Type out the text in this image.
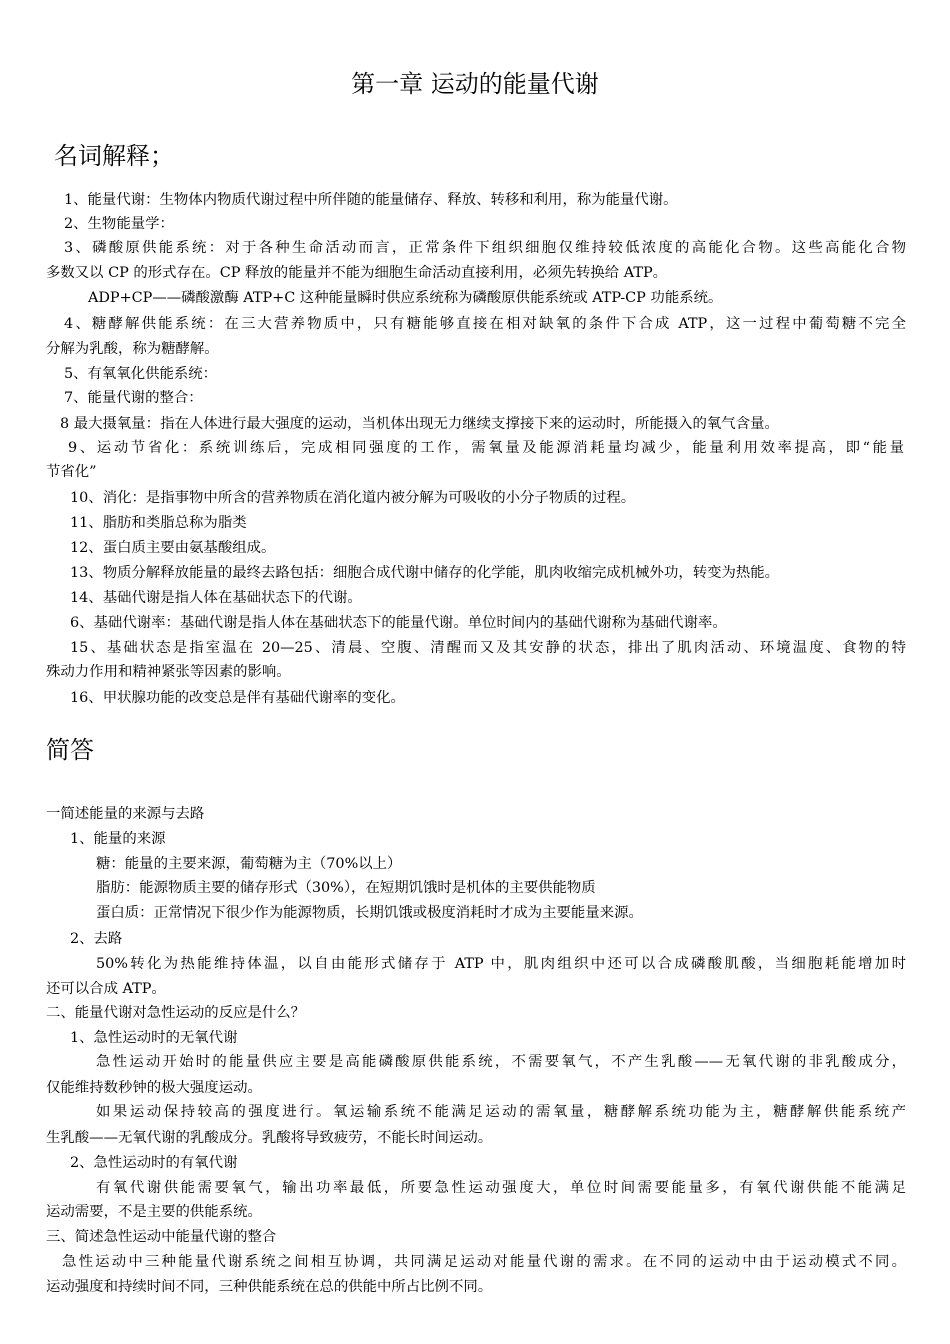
第一章 运动的能量代谢
名词解释；

1、能量代谢：生物体内物质代谢过程中所伴随的能量储存、释放、转移和利用，称为能量代谢。

2、生物能量学：

3、磷酸原供能系统：对于各种生命活动而言，正常条件下组织细胞仅维持较低浓度的高能化合物。这些高能化合物

多数又以 CP 的形式存在。CP 释放的能量并不能为细胞生命活动直接利用，必须先转换给 ATP。

ADP+CP——磷酸激酶 ATP+C 这种能量瞬时供应系统称为磷酸原供能系统或 ATP-CP 功能系统。

4、糖酵解供能系统：在三大营养物质中，只有糖能够直接在相对缺氧的条件下合成 ATP，这一过程中葡萄糖不完全

分解为乳酸，称为糖酵解。

5、有氧氧化供能系统：

7、能量代谢的整合：

8 最大摄氧量：指在人体进行最大强度的运动，当机体出现无力继续支撑接下来的运动时，所能摄入的氧气含量。

9、运动节省化：系统训练后，完成相同强度的工作，需氧量及能源消耗量均减少，能量利用效率提高，即“能量

节省化”

10、消化：是指事物中所含的营养物质在消化道内被分解为可吸收的小分子物质的过程。

11、脂肪和类脂总称为脂类

12、蛋白质主要由氨基酸组成。

13、物质分解释放能量的最终去路包括：细胞合成代谢中储存的化学能，肌肉收缩完成机械外功，转变为热能。

14、基础代谢是指人体在基础状态下的代谢。

6、基础代谢率：基础代谢是指人体在基础状态下的能量代谢。单位时间内的基础代谢称为基础代谢率。

15、基础状态是指室温在 20—25、清晨、空腹、清醒而又及其安静的状态，排出了肌肉活动、环境温度、食物的特

殊动力作用和精神紧张等因素的影响。

16、甲状腺功能的改变总是伴有基础代谢率的变化。

简答

一简述能量的来源与去路

1、能量的来源

糖：能量的主要来源，葡萄糖为主（70%以上）

脂肪：能源物质主要的储存形式（30%），在短期饥饿时是机体的主要供能物质

蛋白质：正常情况下很少作为能源物质，长期饥饿或极度消耗时才成为主要能量来源。

2、去路

50%转化为热能维持体温，以自由能形式储存于 ATP 中，肌肉组织中还可以合成磷酸肌酸，当细胞耗能增加时

还可以合成 ATP。

二、能量代谢对急性运动的反应是什么？

1、急性运动时的无氧代谢

急性运动开始时的能量供应主要是高能磷酸原供能系统，不需要氧气，不产生乳酸——无氧代谢的非乳酸成分，

仅能维持数秒钟的极大强度运动。

如果运动保持较高的强度进行。氧运输系统不能满足运动的需氧量，糖酵解系统功能为主，糖酵解供能系统产

生乳酸——无氧代谢的乳酸成分。乳酸将导致疲劳，不能长时间运动。

2、急性运动时的有氧代谢

有氧代谢供能需要氧气，输出功率最低，所要急性运动强度大，单位时间需要能量多，有氧代谢供能不能满足

运动需要，不是主要的供能系统。

三、简述急性运动中能量代谢的整合

急性运动中三种能量代谢系统之间相互协调，共同满足运动对能量代谢的需求。在不同的运动中由于运动模式不同。

运动强度和持续时间不同，三种供能系统在总的供能中所占比例不同。
